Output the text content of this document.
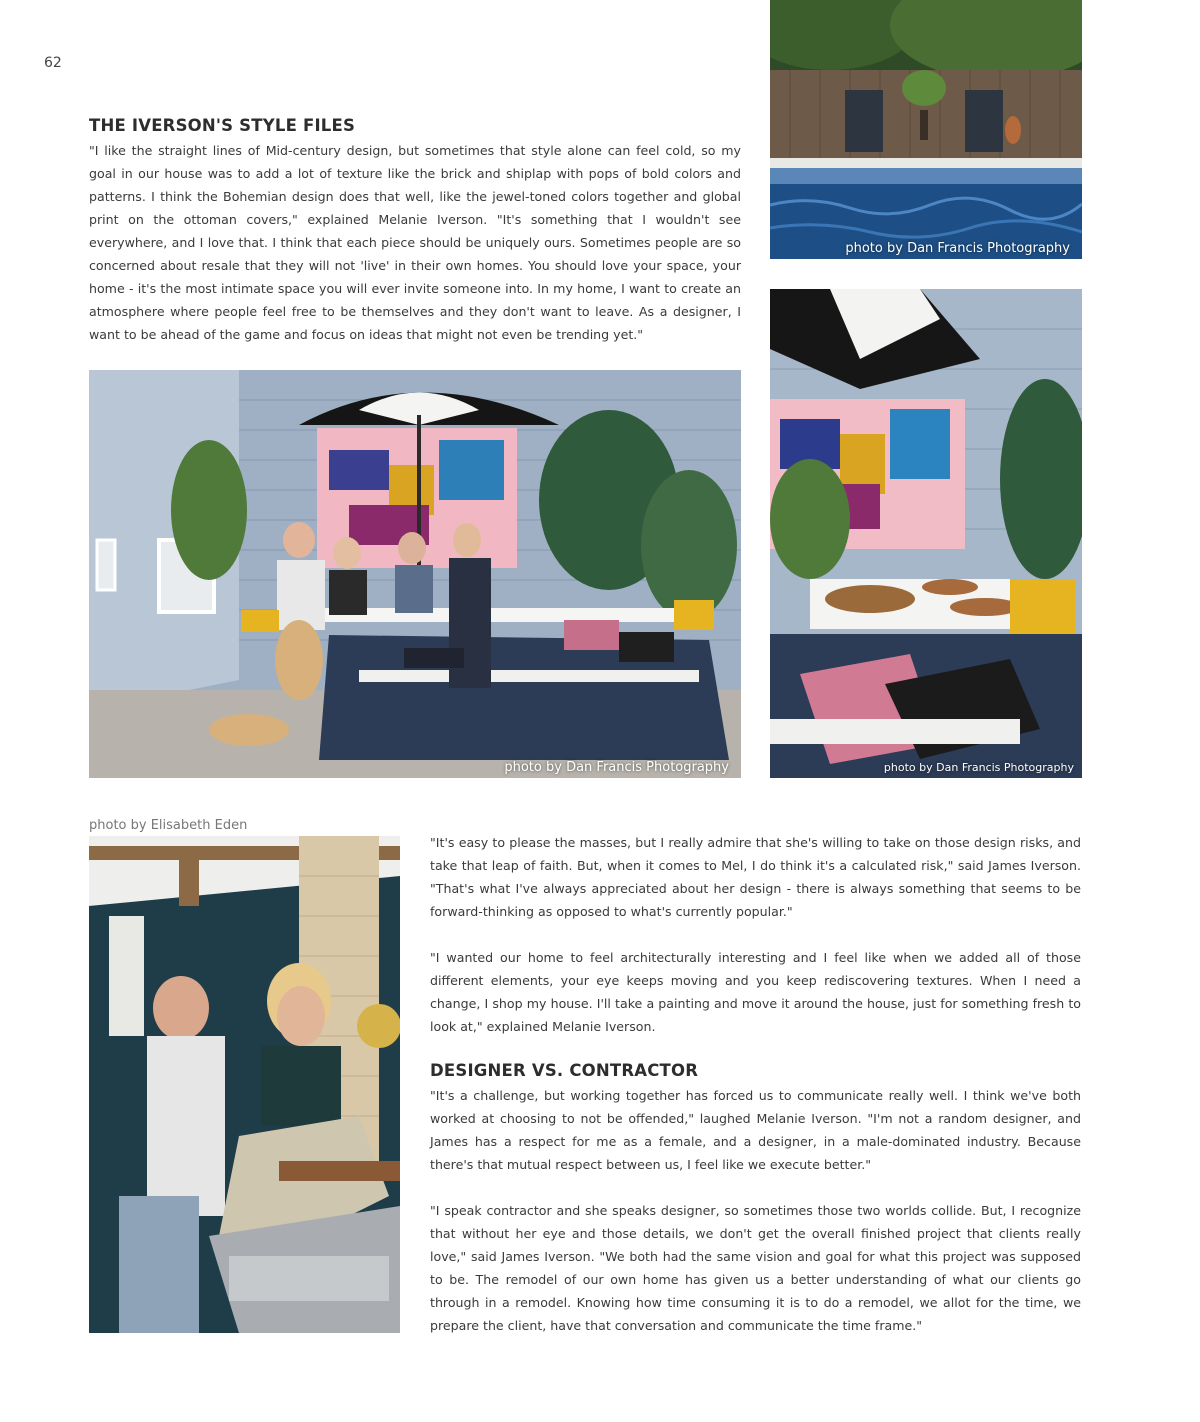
62
THE IVERSON'S STYLE FILES

"I like the straight lines of Mid-century design, but sometimes that style alone can feel cold, so my goal in our house was to add a lot of texture like the brick and shiplap with pops of bold colors and patterns. I think the Bohemian design does that well, like the jewel-toned colors together and global print on the ottoman covers," explained Melanie Iverson. "It's something that I wouldn't see everywhere, and I love that. I think that each piece should be uniquely ours. Sometimes people are so concerned about resale that they will not 'live' in their own homes. You should love your space, your home - it's the most intimate space you will ever invite someone into. In my home, I want to create an atmosphere where people feel free to be themselves and they don't want to leave. As a designer, I want to be ahead of the game and focus on ideas that might not even be trending yet."

photo by Dan Francis Photography
photo by Dan Francis Photography	photo by Dan Francis Photography
photo by Elisabeth Eden

"It's easy to please the masses, but I really admire that she's willing to take on those design risks, and take that leap of faith. But, when it comes to Mel, I do think it's a calculated risk," said James Iverson. "That's what I've always appreciated about her design - there is always something that seems to be forward-thinking as opposed to what's currently popular."

"I wanted our home to feel architecturally interesting and I feel like when we added all of those different elements, your eye keeps moving and you keep rediscovering textures. When I need a change, I shop my house. I'll take a painting and move it around the house, just for something fresh to look at," explained Melanie Iverson.

DESIGNER VS. CONTRACTOR

"It's a challenge, but working together has forced us to communicate really well. I think we've both worked at choosing to not be offended," laughed Melanie Iverson. "I'm not a random designer, and James has a respect for me as a female, and a designer, in a male-dominated industry. Because there's that mutual respect between us, I feel like we execute better."

"I speak contractor and she speaks designer, so sometimes those two worlds collide. But, I recognize that without her eye and those details, we don't get the overall finished project that clients really love," said James Iverson. "We both had the same vision and goal for what this project was supposed to be. The remodel of our own home has given us a better understanding of what our clients go through in a remodel. Knowing how time consuming it is to do a remodel, we allot for the time, we prepare the client, have that conversation and communicate the time frame."
